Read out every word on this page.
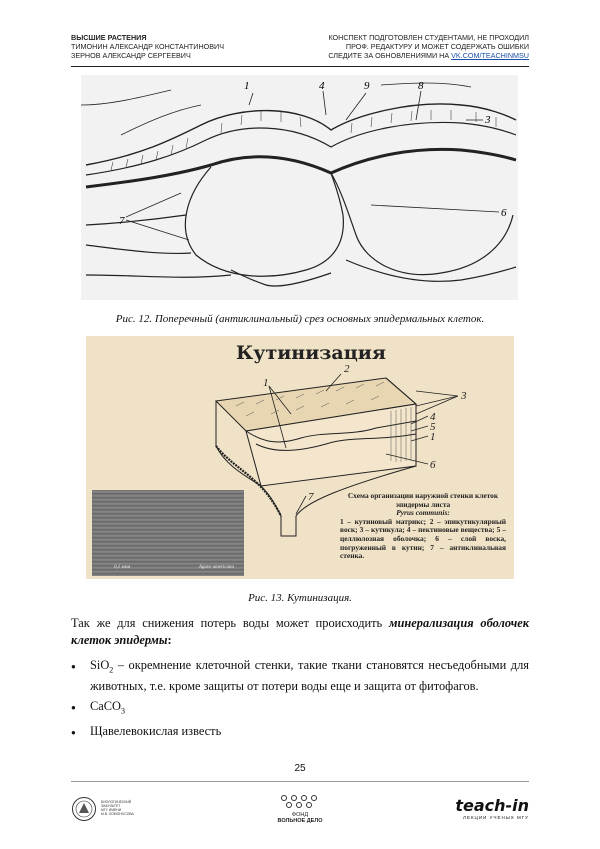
ВЫСШИЕ РАСТЕНИЯ
ТИМОНИН АЛЕКСАНДР КОНСТАНТИНОВИЧ
ЗЕРНОВ АЛЕКСАНДР СЕРГЕЕВИЧ
КОНСПЕКТ ПОДГОТОВЛЕН СТУДЕНТАМИ, НЕ ПРОХОДИЛ
ПРОФ. РЕДАКТУРУ И МОЖЕТ СОДЕРЖАТЬ ОШИБКИ
СЛЕДИТЕ ЗА ОБНОВЛЕНИЯМИ НА VK.COM/TEACHINMSU
1	4	9	8
3
7
6
Рис. 12. Поперечный (антиклинальный) срез основных эпидермальных клеток.
Кутинизация
0,1 мкм	Agave americana
1
2
3
4
5
1
6
7	Схема организации наружной стенки клеток эпидермы листа
Pyrus communis:
1 – кутиновый матрикс; 2 – эпикутикулярный воск; 3 – кутикула; 4 – пектиновые вещества; 5 – целлюлозная оболочка; 6 – слой воска, погруженный в кутин; 7 – антиклинальная стенка.
Рис. 13. Кутинизация.
Так же для снижения потерь воды может происходить минерализация оболочек клеток эпидермы:
● SiO$_2$ – окремнение клеточной стенки, такие ткани становятся несъедобными для животных, т.е. кроме защиты от потери воды еще и защита от фитофагов.
● CaCO$_3$
● Щавелевокислая известь
25
БИОЛОГИЧЕСКИЙ
ФАКУЛЬТЕТ
МГУ ИМЕНИ
М.В. ЛОМОНОСОВА	ФОНД
ВОЛЬНОЕ ДЕЛО
teach-in
ЛЕКЦИИ УЧЕНЫХ МГУ
